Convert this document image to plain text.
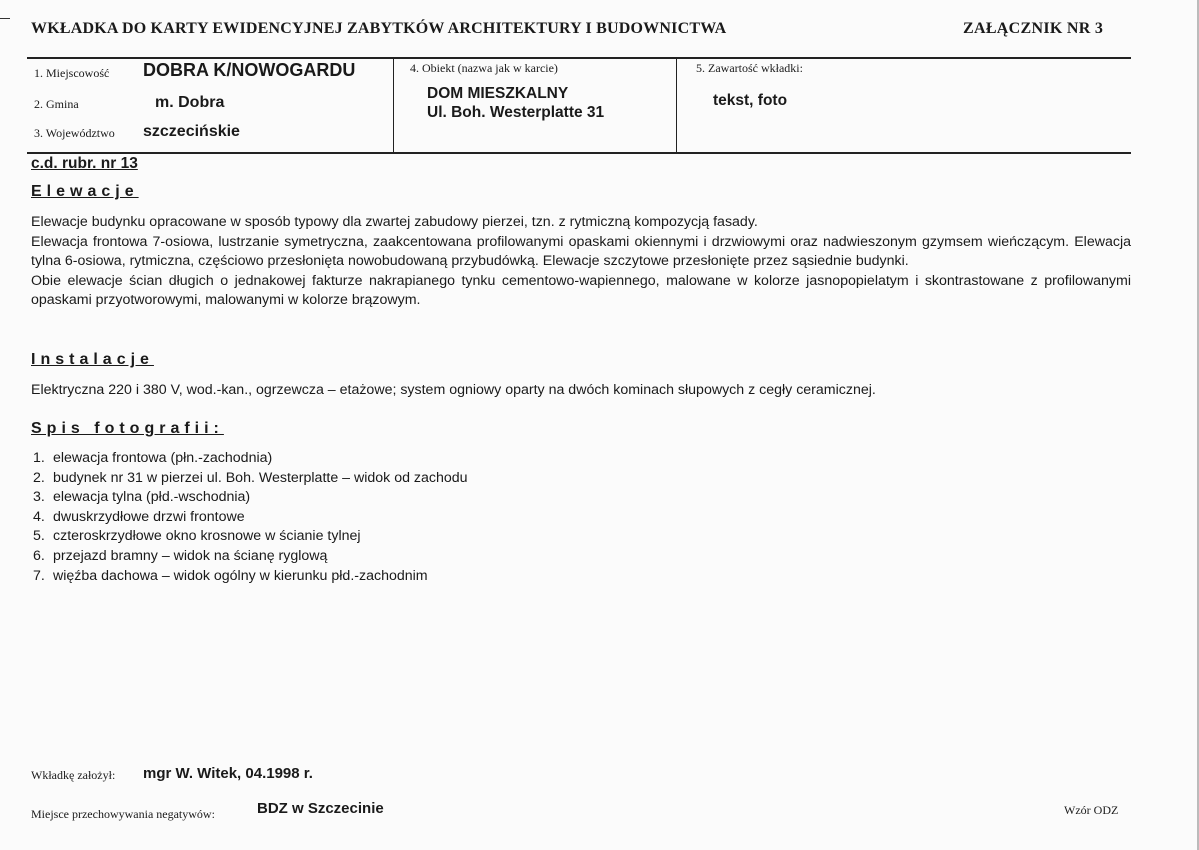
WKŁADKA DO KARTY EWIDENCYJNEJ ZABYTKÓW ARCHITEKTURY I BUDOWNICTWA	ZAŁĄCZNIK NR 3
1. Miejscowość DOBRA K/NOWOGARDU
2. Gmina	m. Dobra
3. Województwo szczecińskie
4. Obiekt (nazwa jak w karcie)
DOM MIESZKALNY
Ul. Boh. Westerplatte 31
5. Zawartość wkładki:
tekst, foto
c.d. rubr. nr 13
Elewacje

Elewacje budynku opracowane w sposób typowy dla zwartej zabudowy pierzei, tzn. z rytmiczną kompozycją fasady.

Elewacja frontowa 7-osiowa, lustrzanie symetryczna, zaakcentowana profilowanymi opaskami okiennymi i drzwiowymi oraz nadwieszonym gzymsem wieńczącym. Elewacja tylna 6-osiowa, rytmiczna, częściowo przesłonięta nowobudowaną przybudówką. Elewacje szczytowe przesłonięte przez sąsiednie budynki.

Obie elewacje ścian długich o jednakowej fakturze nakrapianego tynku cementowo-wapiennego, malowane w kolorze jasnopopielatym i skontrastowane z profilowanymi opaskami przyotworowymi, malowanymi w kolorze brązowym.

Instalacje

Elektryczna 220 i 380 V, wod.-kan., ogrzewcza – etażowe; system ogniowy oparty na dwóch kominach słupowych z cegły ceramicznej.

Spis fotografii:
1. elewacja frontowa (płn.-zachodnia)
2. budynek nr 31 w pierzei ul. Boh. Westerplatte – widok od zachodu
3. elewacja tylna (płd.-wschodnia)
4. dwuskrzydłowe drzwi frontowe
5. czteroskrzydłowe okno krosnowe w ścianie tylnej
6. przejazd bramny – widok na ścianę ryglową
7. więźba dachowa – widok ogólny w kierunku płd.-zachodnim
Wkładkę założył: mgr W. Witek, 04.1998 r.
Miejsce przechowywania negatywów:	BDZ w Szczecinie	Wzór ODZ
